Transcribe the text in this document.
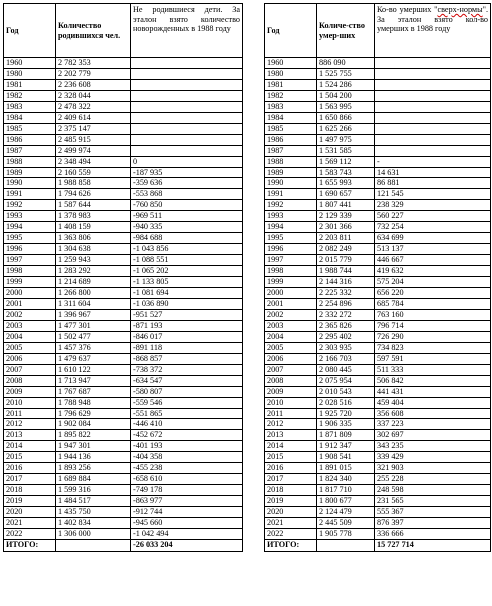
Год	Количество родившихся чел.	Не родившиеся дети. За эталон взято количество новорожденных в 1988 году
1960	2 782 353	
1980	2 202 779	
1981	2 236 608	
1982	2 328 044	
1983	2 478 322	
1984	2 409 614	
1985	2 375 147	
1986	2 485 915	
1987	2 499 974	
1988	2 348 494	0
1989	2 160 559	-187 935
1990	1 988 858	-359 636
1991	1 794 626	-553 868
1992	1 587 644	-760 850
1993	1 378 983	-969 511
1994	1 408 159	-940 335
1995	1 363 806	-984 688
1996	1 304 638	-1 043 856
1997	1 259 943	-1 088 551
1998	1 283 292	-1 065 202
1999	1 214 689	-1 133 805
2000	1 266 800	-1 081 694
2001	1 311 604	-1 036 890
2002	1 396 967	-951 527
2003	1 477 301	-871 193
2004	1 502 477	-846 017
2005	1 457 376	-891 118
2006	1 479 637	-868 857
2007	1 610 122	-738 372
2008	1 713 947	-634 547
2009	1 767 687	-580 807
2010	1 788 948	-559 546
2011	1 796 629	-551 865
2012	1 902 084	-446 410
2013	1 895 822	-452 672
2014	1 947 301	-401 193
2015	1 944 136	-404 358
2016	1 893 256	-455 238
2017	1 689 884	-658 610
2018	1 599 316	-749 178
2019	1 484 517	-863 977
2020	1 435 750	-912 744
2021	1 402 834	-945 660
2022	1 306 000	-1 042 494
ИТОГО:		-26 033 204
Год	Количе-ство умер-ших	Ко-во умерших "сверх-нормы". За эталон взято кол-во умерших в 1988 году
1960	886 090	
1980	1 525 755	
1981	1 524 286	
1982	1 504 200	
1983	1 563 995	
1984	1 650 866	
1985	1 625 266	
1986	1 497 975	
1987	1 531 585	
1988	1 569 112	-
1989	1 583 743	14 631
1990	1 655 993	86 881
1991	1 690 657	121 545
1992	1 807 441	238 329
1993	2 129 339	560 227
1994	2 301 366	732 254
1995	2 203 811	634 699
1996	2 082 249	513 137
1997	2 015 779	446 667
1998	1 988 744	419 632
1999	2 144 316	575 204
2000	2 225 332	656 220
2001	2 254 896	685 784
2002	2 332 272	763 160
2003	2 365 826	796 714
2004	2 295 402	726 290
2005	2 303 935	734 823
2006	2 166 703	597 591
2007	2 080 445	511 333
2008	2 075 954	506 842
2009	2 010 543	441 431
2010	2 028 516	459 404
2011	1 925 720	356 608
2012	1 906 335	337 223
2013	1 871 809	302 697
2014	1 912 347	343 235
2015	1 908 541	339 429
2016	1 891 015	321 903
2017	1 824 340	255 228
2018	1 817 710	248 598
2019	1 800 677	231 565
2020	2 124 479	555 367
2021	2 445 509	876 397
2022	1 905 778	336 666
ИТОГО:		15 727 714
